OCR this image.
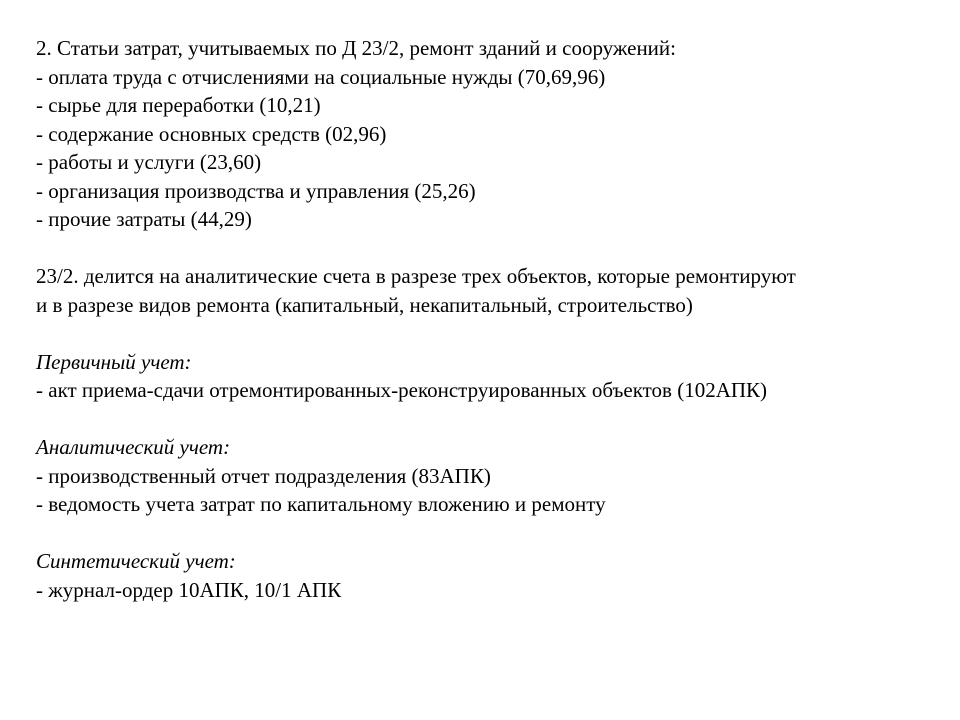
2. Статьи затрат, учитываемых по Д 23/2, ремонт зданий и сооружений:
- оплата труда с отчислениями на социальные нужды (70,69,96)
- сырье для переработки (10,21)
- содержание основных средств (02,96)
- работы и услуги (23,60)
- организация производства и управления (25,26)
- прочие затраты (44,29)
23/2. делится на аналитические счета в разрезе трех объектов, которые ремонтируют
и в разрезе видов ремонта (капитальный, некапитальный, строительство)
Первичный учет:
- акт приема-сдачи отремонтированных-реконструированных объектов (102АПК)
Аналитический учет:
- производственный отчет подразделения (83АПК)
- ведомость учета затрат по капитальному вложению и ремонту
Синтетический учет:
- журнал-ордер 10АПК, 10/1 АПК
